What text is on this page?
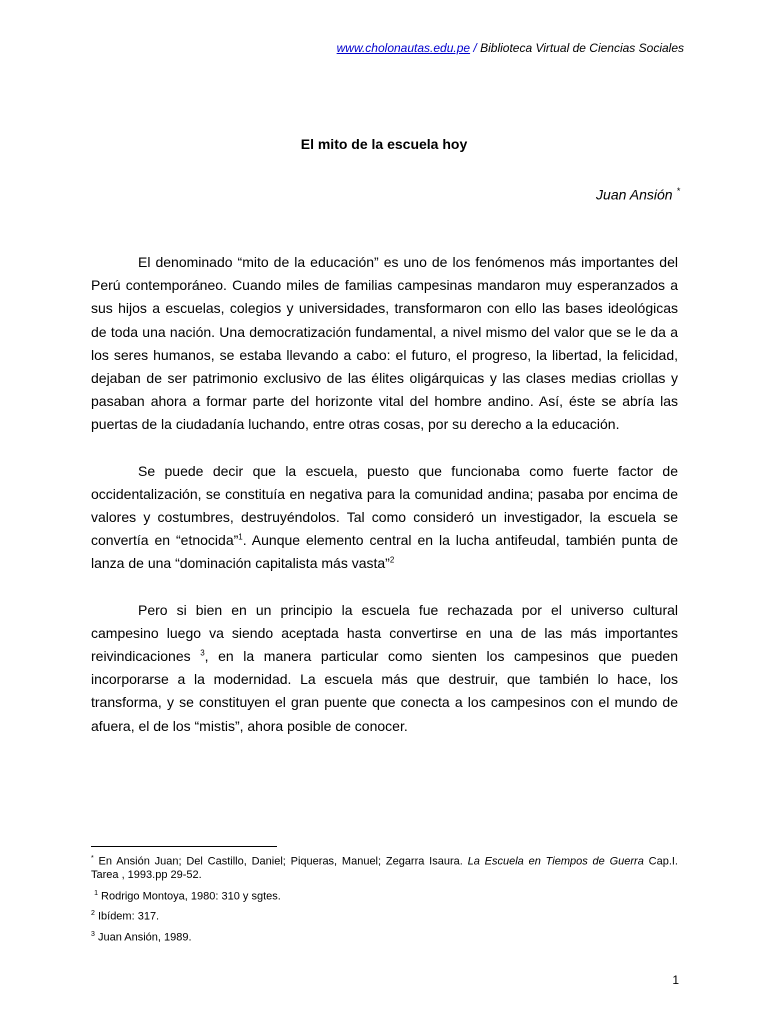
www.cholonautas.edu.pe / Biblioteca Virtual de Ciencias Sociales
El mito de la escuela hoy
Juan Ansión *

El denominado “mito de la educación” es uno de los fenómenos más importantes del Perú contemporáneo. Cuando miles de familias campesinas mandaron muy esperanzados a sus hijos a escuelas, colegios y universidades, transformaron con ello las bases ideológicas de toda una nación. Una democratización fundamental, a nivel mismo del valor que se le da a los seres humanos, se estaba llevando a cabo: el futuro, el progreso, la libertad, la felicidad, dejaban de ser patrimonio exclusivo de las élites oligárquicas y las clases medias criollas y pasaban ahora a formar parte del horizonte vital del hombre andino. Así, éste se abría las puertas de la ciudadanía luchando, entre otras cosas, por su derecho a la educación.

Se puede decir que la escuela, puesto que funcionaba como fuerte factor de occidentalización, se constituía en negativa para la comunidad andina; pasaba por encima de valores y costumbres, destruyéndolos. Tal como consideró un investigador, la escuela se convertía en “etnocida”$^1$. Aunque elemento central en la lucha antifeudal, también punta de lanza de una “dominación capitalista más vasta”$^2$

Pero si bien en un principio la escuela fue rechazada por el universo cultural campesino luego va siendo aceptada hasta convertirse en una de las más importantes reivindicaciones $^3$, en la manera particular como sienten los campesinos que pueden incorporarse a la modernidad. La escuela más que destruir, que también lo hace, los transforma, y se constituyen el gran puente que conecta a los campesinos con el mundo de afuera, el de los “mistis”, ahora posible de conocer.

* En Ansión Juan; Del Castillo, Daniel; Piqueras, Manuel; Zegarra Isaura. La Escuela en Tiempos de Guerra Cap.I. Tarea , 1993.pp 29-52.
$^1$ Rodrigo Montoya, 1980: 310 y sgtes.
$^2$ Ibídem: 317.
$^3$ Juan Ansión, 1989.
1
